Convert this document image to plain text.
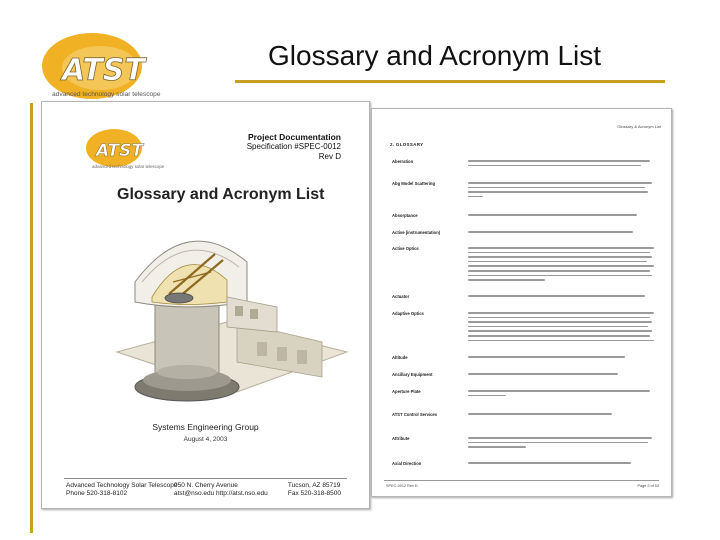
ATST
advanced technology solar telescope
Glossary and Acronym List
ATST
advanced technology solar telescope
Project Documentation
Specification #SPEC-0012
Rev D
Glossary and Acronym List
Systems Engineering Group
August 4, 2003
Advanced Technology Solar Telescope
Phone 520-318-8102
950 N. Cherry Avenue
atst@nso.edu http://atst.nso.edu
Tucson, AZ 85719
Fax 520-318-8500
Glossary & Acronym List
2. GLOSSARY
Aberration
Abg Model Scattering
Absorptance
Active (instrumentation)
Active Optics
Actuator
Adaptive Optics
Altitude
Ancillary Equipment
Aperture Plate
ATST Control Services
Attribute
Axial Direction
SPEC-0012 Rev D	Page 2 of 53
